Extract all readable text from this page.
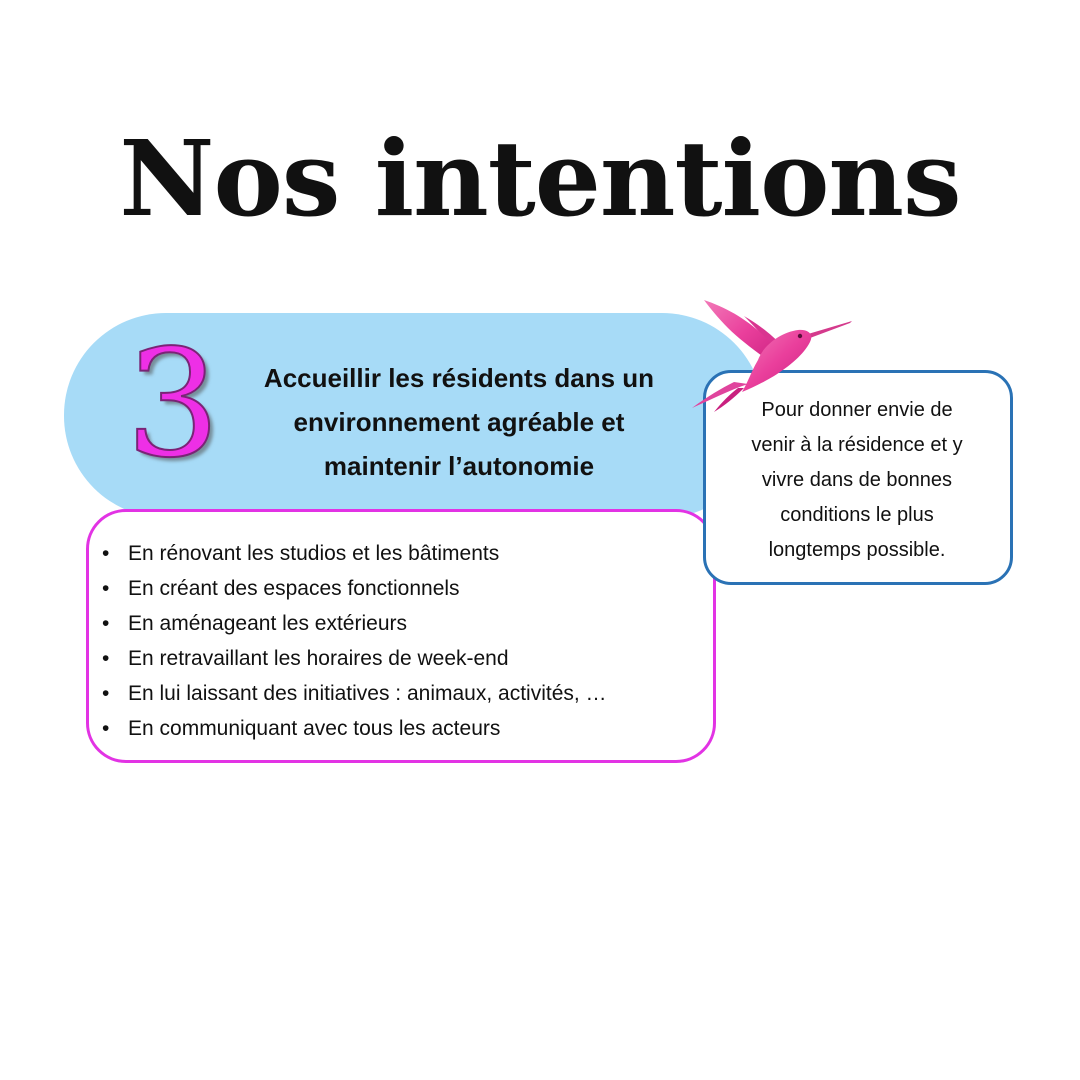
Nos intentions
3	Accueillir les résidents dans un
environnement agréable et
maintenir l’autonomie
• En rénovant les studios et les bâtiments
• En créant des espaces fonctionnels
• En aménageant les extérieurs
• En retravaillant les horaires de week-end
• En lui laissant des initiatives : animaux, activités, …
• En communiquant avec tous les acteurs
Pour donner envie de
venir à la résidence et y
vivre dans de bonnes
conditions le plus
longtemps possible.
